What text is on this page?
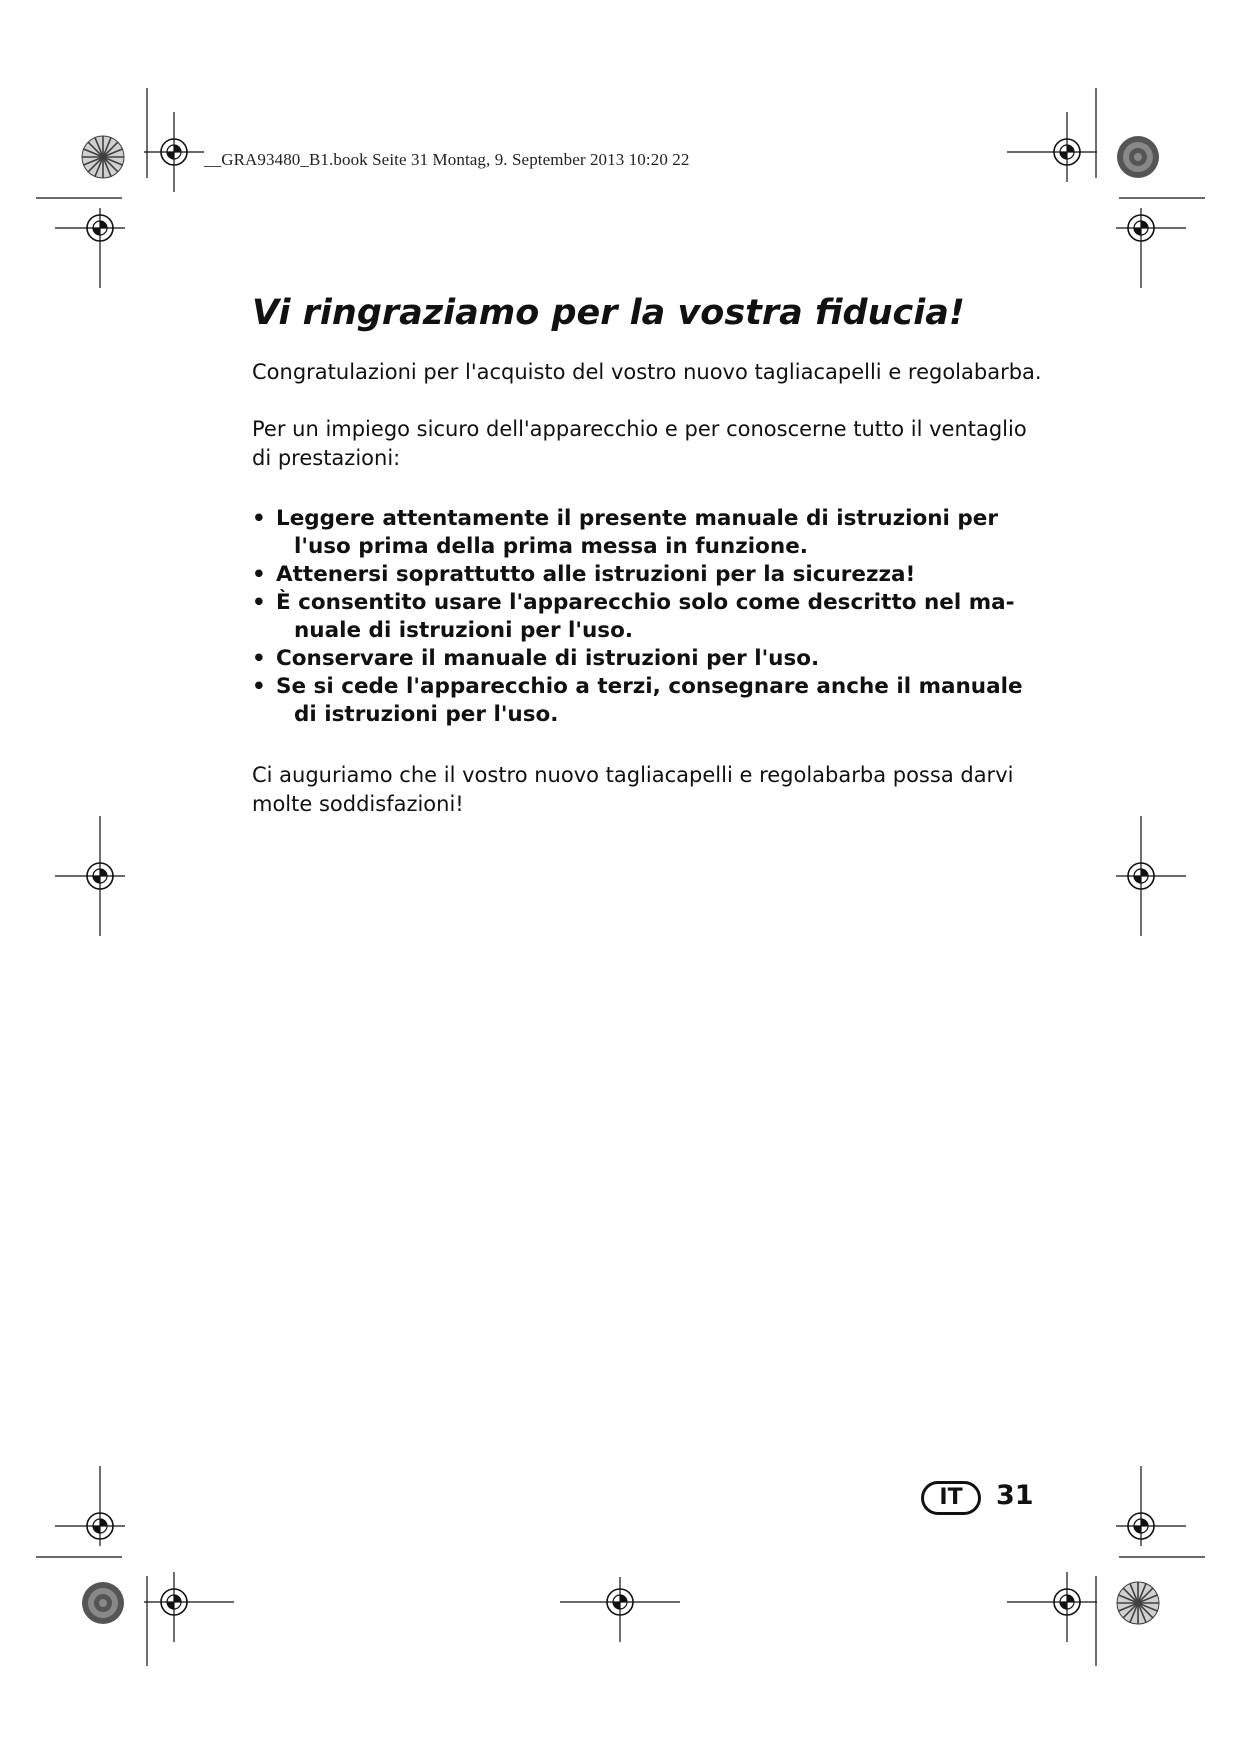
__GRA93480_B1.book Seite 31 Montag, 9. September 2013 10:20 22
Vi ringraziamo per la vostra fiducia!

Congratulazioni per l'acquisto del vostro nuovo tagliacapelli e regolabarba.

Per un impiego sicuro dell'apparecchio e per conoscerne tutto il ventaglio di prestazioni:

• Leggere attentamente il presente manuale di istruzioni per
l'uso prima della prima messa in funzione.
• Attenersi soprattutto alle istruzioni per la sicurezza!
• È consentito usare l'apparecchio solo come descritto nel ma-
nuale di istruzioni per l'uso.
• Conservare il manuale di istruzioni per l'uso.
• Se si cede l'apparecchio a terzi, consegnare anche il manuale
di istruzioni per l'uso.

Ci auguriamo che il vostro nuovo tagliacapelli e regolabarba possa darvi molte soddisfazioni!

IT	31
